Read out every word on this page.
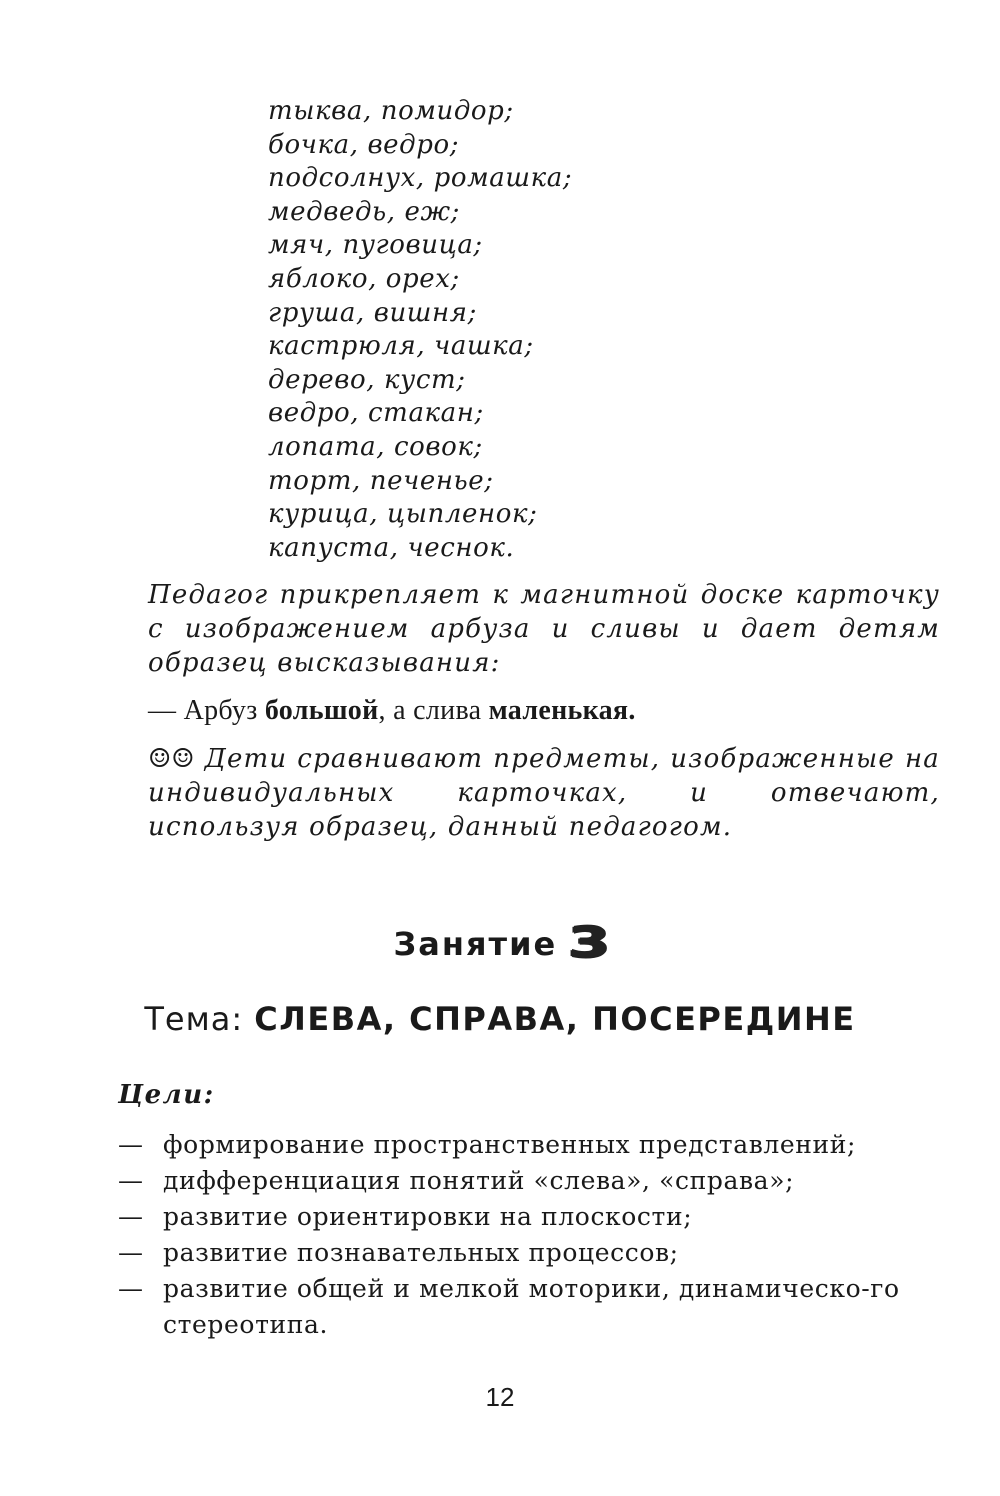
тыква, помидор;
бочка, ведро;
подсолнух, ромашка;
медведь, еж;
мяч, пуговица;
яблоко, орех;
груша, вишня;
кастрюля, чашка;
дерево, куст;
ведро, стакан;
лопата, совок;
торт, печенье;
курица, цыпленок;
капуста, чеснок.

Педагог прикрепляет к магнитной доске карточку с изображением арбуза и сливы и дает детям образец высказывания:

— Арбуз большой, а слива маленькая.

☺☺ Дети сравнивают предметы, изображенные на индивидуальных карточках, и отвечают, используя образец, данный педагогом.

Занятие 3
Тема: СЛЕВА, СПРАВА, ПОСЕРЕДИНЕ
Цели:
— формирование пространственных представлений;
— дифференциация понятий «слева», «справа»;
— развитие ориентировки на плоскости;
— развитие познавательных процессов;
— развитие общей и мелкой моторики, динамическо-го стереотипа.
12
